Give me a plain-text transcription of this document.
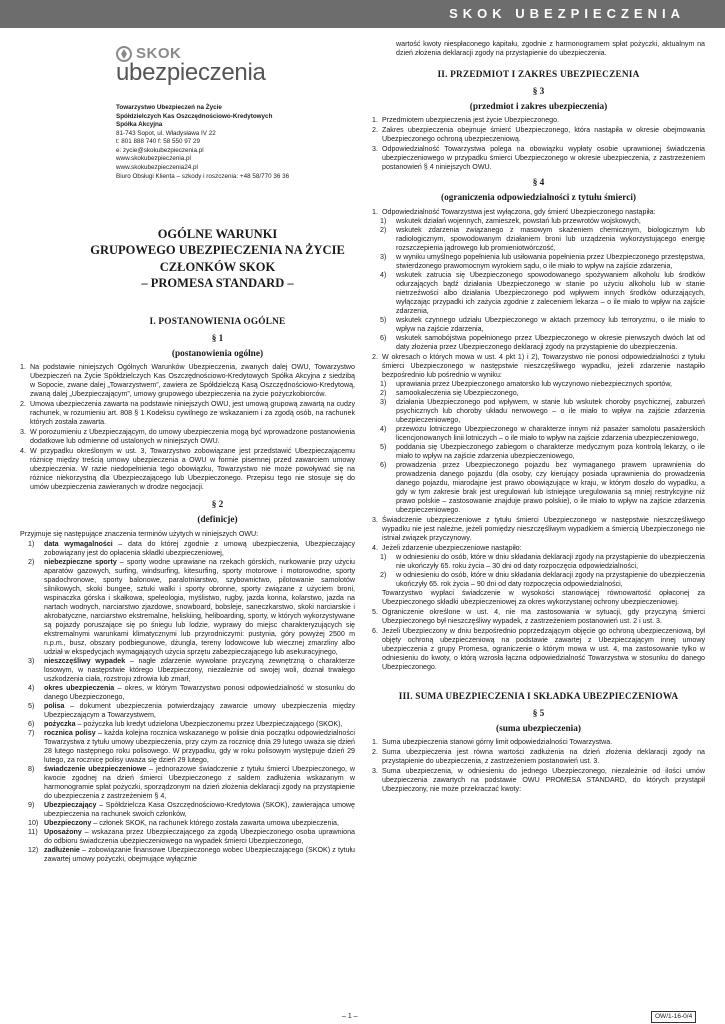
SKOK UBEZPIECZENIA
SKOK
ubezpieczenia
Towarzystwo Ubezpieczeń na Życie
Spółdzielczych Kas Oszczędnościowo-Kredytowych
Spółka Akcyjna
81-743 Sopot, ul. Władysława IV 22
t: 801 888 740 f: 58 550 97 29
e: zycie@skokubezpieczenia.pl
www.skokubezpieczenia.pl
www.skokubezpieczenia24.pl
Biuro Obsługi Klienta – szkody i roszczenia: +48 58/770 36 36
OGÓLNE WARUNKI
GRUPOWEGO UBEZPIECZENIA NA ŻYCIE
CZŁONKÓW SKOK
– PROMESA STANDARD –
I. POSTANOWIENIA OGÓLNE
§ 1
(postanowienia ogólne)
1. Na podstawie niniejszych Ogólnych Warunków Ubezpieczenia, zwanych dalej OWU, Towarzystwo Ubezpieczeń na Życie Spółdzielczych Kas Oszczędnościowo-Kredytowych Spółka Akcyjna z siedzibą w Sopocie, zwane dalej „Towarzystwem”, zawiera ze Spółdzielczą Kasą Oszczędnościowo-Kredytową, zwaną dalej „Ubezpieczającym”, umowy grupowego ubezpieczenia na życie pożyczkobiorców.
2. Umowa ubezpieczenia zawarta na podstawie niniejszych OWU, jest umową grupową zawartą na cudzy rachunek, w rozumieniu art. 808 § 1 Kodeksu cywilnego ze wskazaniem i za zgodą osób, na rachunek których została zawarta.
3. W porozumieniu z Ubezpieczającym, do umowy ubezpieczenia mogą być wprowadzone postanowienia dodatkowe lub odmienne od ustalonych w niniejszych OWU.
4. W przypadku określonym w ust. 3, Towarzystwo zobowiązane jest przedstawić Ubezpieczającemu różnicę między treścią umowy ubezpieczenia a OWU w formie pisemnej przed zawarciem umowy ubezpieczenia. W razie niedopełnienia tego obowiązku, Towarzystwo nie może powoływać się na różnice niekorzystną dla Ubezpieczającego lub Ubezpieczonego. Przepisu tego nie stosuje się do umów ubezpieczenia zawieranych w drodze negocjacji.
§ 2
(definicje)
Przyjmuje się następujące znaczenia terminów użytych w niniejszych OWU:
1) data wymagalności – data do której zgodnie z umową ubezpieczenia, Ubezpieczający zobowiązany jest do opłacenia składki ubezpieczeniowej,
2) niebezpieczne sporty – sporty wodne uprawiane na rzekach górskich, nurkowanie przy użyciu aparatów gazowych, surfing, windsurfing, kitesurfing, sporty motorowe i motorowodne, sporty spadochronowe, sporty balonowe, paralotniarstwo, szybownictwo, pilotowanie samolotów silnikowych, skoki bungee, sztuki walki i sporty obronne, sporty związane z użyciem broni, wspinaczka górska i skałkowa, speleologia, myślistwo, rugby, jazda konna, kolarstwo, jazda na nartach wodnych, narciarstwo zjazdowe, snowboard, bobsleje, saneczkarstwo, skoki narciarskie i akrobatyczne, narciarstwo ekstremalne, heliskiing, heliboarding, sporty, w których wykorzystywane są pojazdy poruszające się po śniegu lub lodzie, wyprawy do miejsc charakteryzujących się ekstremalnymi warunkami klimatycznymi lub przyrodniczymi: pustynia, góry powyżej 2500 m n.p.m., busz, obszary podbiegunowe, dżungla, tereny lodowcowe lub wiecznej zmarzliny albo udział w ekspedycjach wymagających użycia sprzętu zabezpieczającego lub asekuracyjnego,
3) nieszczęśliwy wypadek – nagłe zdarzenie wywołane przyczyną zewnętrzną o charakterze losowym, w następstwie którego Ubezpieczony, niezależnie od swojej woli, doznał trwałego uszkodzenia ciała, rozstroju zdrowia lub zmarł,
4) okres ubezpieczenia – okres, w którym Towarzystwo ponosi odpowiedzialność w stosunku do danego Ubezpieczonego,
5) polisa – dokument ubezpieczenia potwierdzający zawarcie umowy ubezpieczenia między Ubezpieczającym a Towarzystwem,
6) pożyczka – pożyczka lub kredyt udzielona Ubezpieczonemu przez Ubezpieczającego (SKOK),
7) rocznica polisy – każda kolejna rocznica wskazanego w polisie dnia początku odpowiedzialności Towarzystwa z tytułu umowy ubezpieczenia, przy czym za rocznicę dnia 29 lutego uważa się dzień 28 lutego następnego roku polisowego. W przypadku, gdy w roku polisowym występuje dzień 29 lutego, za rocznicę polisy uważa się dzień 29 lutego,
8) świadczenie ubezpieczeniowe – jednorazowe świadczenie z tytułu śmierci Ubezpieczonego, w kwocie zgodnej na dzień śmierci Ubezpieczonego z saldem zadłużenia wskazanym w harmonogramie spłat pożyczki, sporządzonym na dzień złożenia deklaracji zgody na przystąpienie do ubezpieczenia z zastrzeżeniem § 4,
9) Ubezpieczający – Spółdzielcza Kasa Oszczędnościowo-Kredytowa (SKOK), zawierająca umowę ubezpieczenia na rachunek swoich członków,
10) Ubezpieczony – członek SKOK, na rachunek którego została zawarta umowa ubezpieczenia,
11) Uposażony – wskazana przez Ubezpieczającego za zgodą Ubezpieczonego osoba uprawniona do odbioru świadczenia ubezpieczeniowego na wypadek śmierci Ubezpieczonego,
12) zadłużenie – zobowiązanie finansowe Ubezpieczonego wobec Ubezpieczającego (SKOK) z tytułu zawartej umowy pożyczki, obejmujące wyłącznie
wartość kwoty niespłaconego kapitału, zgodnie z harmonogramem spłat pożyczki, aktualnym na dzień złożenia deklaracji zgody na przystąpienie do ubezpieczenia.
II. PRZEDMIOT I ZAKRES UBEZPIECZENIA
§ 3
(przedmiot i zakres ubezpieczenia)
1. Przedmiotem ubezpieczenia jest życie Ubezpieczonego.
2. Zakres ubezpieczenia obejmuje śmierć Ubezpieczonego, która nastąpiła w okresie obejmowania Ubezpieczonego ochroną ubezpieczeniową.
3. Odpowiedzialność Towarzystwa polega na obowiązku wypłaty osobie uprawnionej świadczenia ubezpieczeniowego w przypadku śmierci Ubezpieczonego w okresie ubezpieczenia, z zastrzeżeniem postanowień § 4 niniejszych OWU.
§ 4
(ograniczenia odpowiedzialności z tytułu śmierci)
1. Odpowiedzialność Towarzystwa jest wyłączona, gdy śmierć Ubezpieczonego nastąpiła:
1) wskutek działań wojennych, zamieszek, powstań lub przewrotów wojskowych,
2) wskutek zdarzenia związanego z masowym skażeniem chemicznym, biologicznym lub radiologicznym, spowodowanym działaniem broni lub urządzenia wykorzystującego energię rozszczepienia jądrowego lub promieniotwórczość,
3) w wyniku umyślnego popełnienia lub usiłowania popełnienia przez Ubezpieczonego przestępstwa, stwierdzonego prawomocnym wyrokiem sądu, o ile miało to wpływ na zajście zdarzenia,
4) wskutek zatrucia się Ubezpieczonego spowodowanego spożywaniem alkoholu lub środków odurzających bądź działania Ubezpieczonego w stanie po użyciu alkoholu lub w stanie nietrzeźwości albo działania Ubezpieczonego pod wpływem innych środków odurzających, wyłączając przypadki ich zażycia zgodnie z zaleceniem lekarza – o ile miało to wpływ na zajście zdarzenia,
5) wskutek czynnego udziału Ubezpieczonego w aktach przemocy lub terroryzmu, o ile miało to wpływ na zajście zdarzenia,
6) wskutek samobójstwa popełnionego przez Ubezpieczonego w okresie pierwszych dwóch lat od daty złożenia przez Ubezpieczonego deklaracji zgody na przystąpienie do ubezpieczenia.
2. W okresach o których mowa w ust. 4 pkt 1) i 2), Towarzystwo nie ponosi odpowiedzialności z tytułu śmierci Ubezpieczonego w następstwie nieszczęśliwego wypadku, jeżeli zdarzenie nastąpiło bezpośrednio lub pośrednio w wyniku:
1) uprawiania przez Ubezpieczonego amatorsko lub wyczynowo niebezpiecznych sportów,
2) samookaleczenia się Ubezpieczonego,
3) działania Ubezpieczonego pod wpływem, w stanie lub wskutek choroby psychicznej, zaburzeń psychicznych lub choroby układu nerwowego – o ile miało to wpływ na zajście zdarzenia ubezpieczeniowego,
4) przewozu lotniczego Ubezpieczonego w charakterze innym niż pasażer samolotu pasażerskich licencjonowanych linii lotniczych – o ile miało to wpływ na zajście zdarzenia ubezpieczeniowego,
5) poddania się Ubezpieczonego zabiegom o charakterze medycznym poza kontrolą lekarzy, o ile miało to wpływ na zajście zdarzenia ubezpieczeniowego,
6) prowadzenia przez Ubezpieczonego pojazdu bez wymaganego prawem uprawnienia do prowadzenia danego pojazdu (dla osoby, czy kierujący posiada uprawnienia do prowadzenia danego pojazdu, miarodajne jest prawo obowiązujące w kraju, w którym doszło do wypadku, a gdy w tym zakresie brak jest uregulowań lub istniejące uregulowania są mniej restrykcyjne niż prawo polskie – zastosowanie znajduje prawo polskie), o ile miało to wpływ na zajście zdarzenia ubezpieczeniowego.
3. Świadczenie ubezpieczeniowe z tytułu śmierci Ubezpieczonego w następstwie nieszczęśliwego wypadku nie jest należne, jeżeli pomiędzy nieszczęśliwym wypadkiem a śmiercią Ubezpieczonego nie istniał związek przyczynowy.
4. Jeżeli zdarzenie ubezpieczeniowe nastąpiło:
1) w odniesieniu do osób, które w dniu składania deklaracji zgody na przystąpienie do ubezpieczenia nie ukończyły 65. roku życia – 30 dni od daty rozpoczęcia odpowiedzialności,
2) w odniesieniu do osób, które w dniu składania deklaracji zgody na przystąpienie do ubezpieczenia ukończyły 65. rok życia – 90 dni od daty rozpoczęcia odpowiedzialności,
Towarzystwo wypłaci świadczenie w wysokości stanowiącej równowartość opłaconej za Ubezpieczonego składki ubezpieczeniowej za okres wykorzystanej ochrony ubezpieczeniowej.
5. Ograniczenie określone w ust. 4, nie ma zastosowania w sytuacji, gdy przyczyną śmierci Ubezpieczonego był nieszczęśliwy wypadek, z zastrzeżeniem postanowień ust. 2 i ust. 3.
6. Jeżeli Ubezpieczony w dniu bezpośrednio poprzedzającym objęcie go ochroną ubezpieczeniową, był objęty ochroną ubezpieczeniową na podstawie zawartej z Ubezpieczającym innej umowy ubezpieczenia z grupy Promesa, ograniczenie o którym mowa w ust. 4, ma zastosowanie tylko w odniesieniu do kwoty, o którą wzrosła łączna odpowiedzialność Towarzystwa w stosunku do danego Ubezpieczonego.
III. SUMA UBEZPIECZENIA I SKŁADKA UBEZPIECZENIOWA
§ 5
(suma ubezpieczenia)
1. Suma ubezpieczenia stanowi górny limit odpowiedzialności Towarzystwa.
2. Suma ubezpieczenia jest równa wartości zadłużenia na dzień złożenia deklaracji zgody na przystąpienie do ubezpieczenia, z zastrzeżeniem postanowień ust. 3.
3. Suma ubezpieczenia, w odniesieniu do jednego Ubezpieczonego, niezależnie od ilości umów ubezpieczenia zawartych na podstawie OWU PROMESA STANDARD, do których przystąpił Ubezpieczony, nie może przekraczać kwoty:
– 1 –	OW/1-16-0/4
